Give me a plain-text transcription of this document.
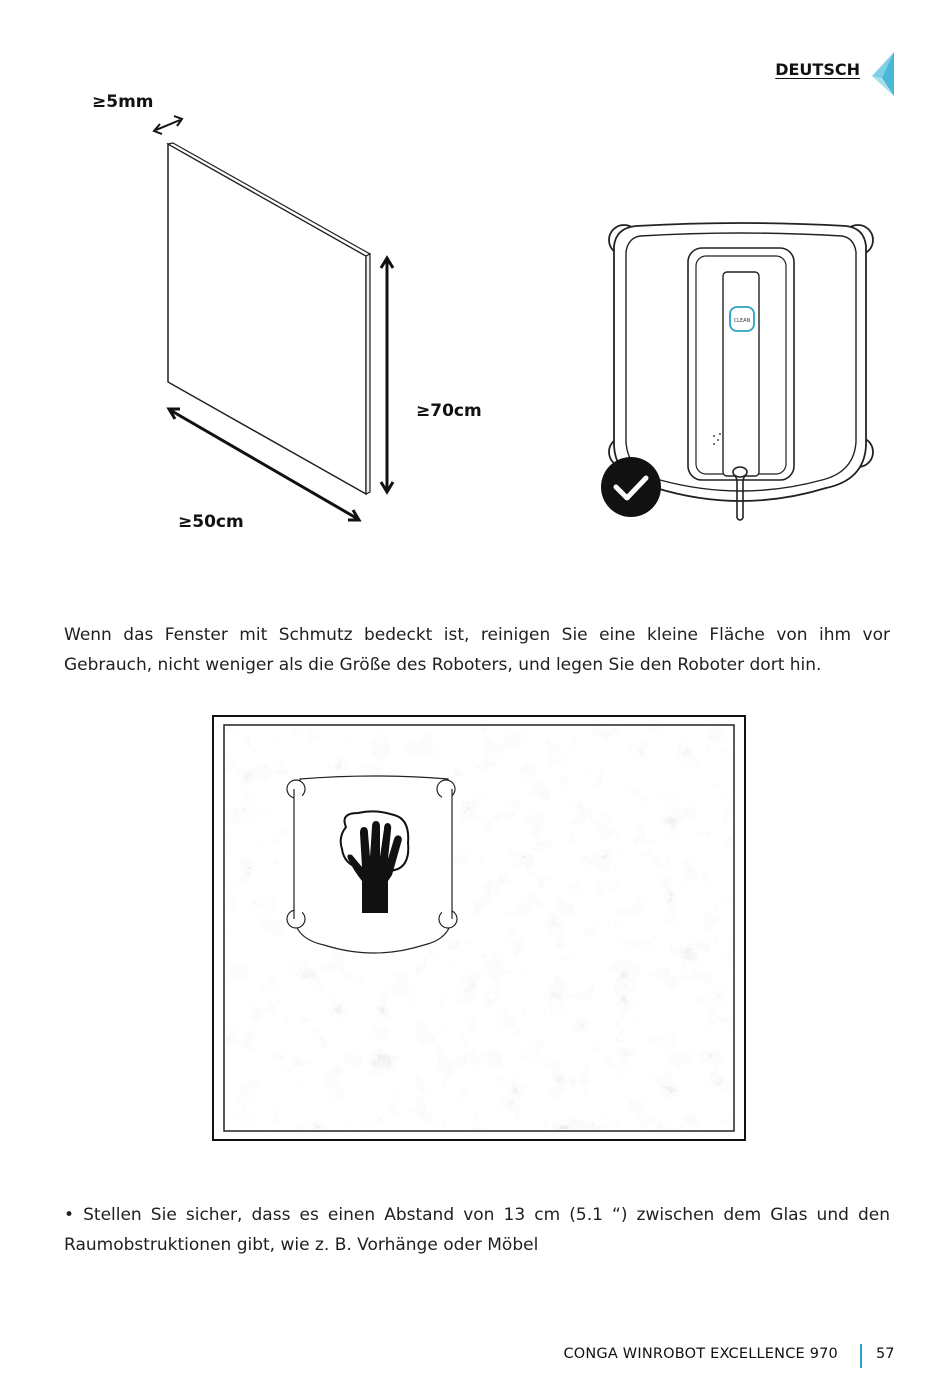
DEUTSCH
≥5mm
≥70cm
≥50cm
CLEAN
Wenn das Fenster mit Schmutz bedeckt ist, reinigen Sie eine kleine Fläche von ihm vor Gebrauch, nicht weniger als die Größe des Roboters, und legen Sie den Roboter dort hin.
• Stellen Sie sicher, dass es einen Abstand von 13 cm (5.1 “) zwischen dem Glas und den Raumobstruktionen gibt, wie z. B. Vorhänge oder Möbel
CONGA WINROBOT EXCELLENCE 970	57
